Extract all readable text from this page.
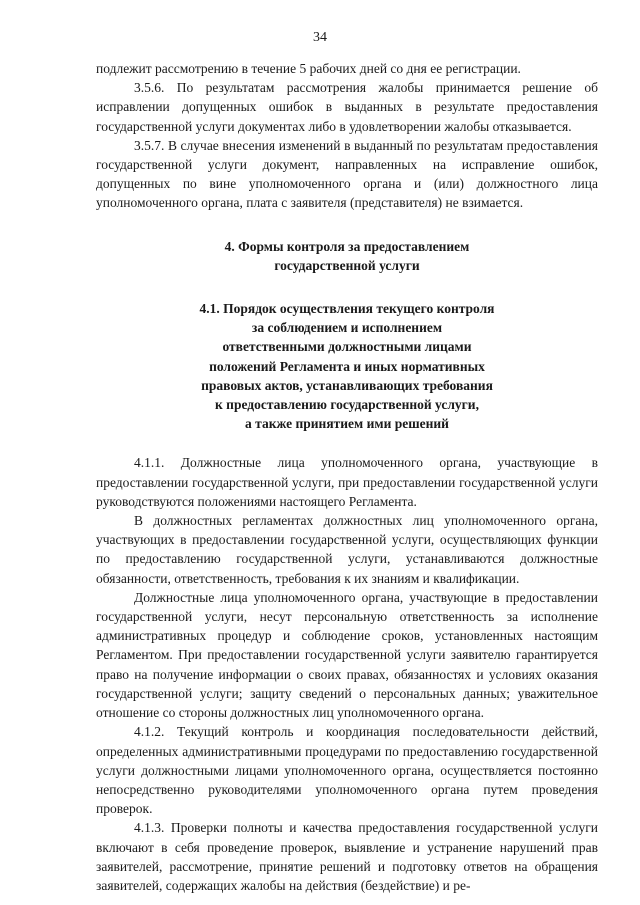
34

подлежит рассмотрению в течение 5 рабочих дней со дня ее регистрации.

3.5.6. По результатам рассмотрения жалобы принимается решение об исправлении допущенных ошибок в выданных в результате предоставления государственной услуги документах либо в удовлетворении жалобы отказывается.

3.5.7. В случае внесения изменений в выданный по результатам предоставления государственной услуги документ, направленных на исправление ошибок, допущенных по вине уполномоченного органа и (или) должностного лица уполномоченного органа, плата с заявителя (представителя) не взимается.

4. Формы контроля за предоставлением
государственной услуги
4.1. Порядок осуществления текущего контроля
за соблюдением и исполнением
ответственными должностными лицами
положений Регламента и иных нормативных
правовых актов, устанавливающих требования
к предоставлению государственной услуги,
а также принятием ими решений

4.1.1. Должностные лица уполномоченного органа, участвующие в предоставлении государственной услуги, при предоставлении государственной услуги руководствуются положениями настоящего Регламента.

В должностных регламентах должностных лиц уполномоченного органа, участвующих в предоставлении государственной услуги, осуществляющих функции по предоставлению государственной услуги, устанавливаются должностные обязанности, ответственность, требования к их знаниям и квалификации.

Должностные лица уполномоченного органа, участвующие в предоставлении государственной услуги, несут персональную ответственность за исполнение административных процедур и соблюдение сроков, установленных настоящим Регламентом. При предоставлении государственной услуги заявителю гарантируется право на получение информации о своих правах, обязанностях и условиях оказания государственной услуги; защиту сведений о персональных данных; уважительное отношение со стороны должностных лиц уполномоченного органа.

4.1.2. Текущий контроль и координация последовательности действий, определенных административными процедурами по предоставлению государственной услуги должностными лицами уполномоченного органа, осуществляется постоянно непосредственно руководителями уполномоченного органа путем проведения проверок.

4.1.3. Проверки полноты и качества предоставления государственной услуги включают в себя проведение проверок, выявление и устранение нарушений прав заявителей, рассмотрение, принятие решений и подготовку ответов на обращения заявителей, содержащих жалобы на действия (бездействие) и ре-
